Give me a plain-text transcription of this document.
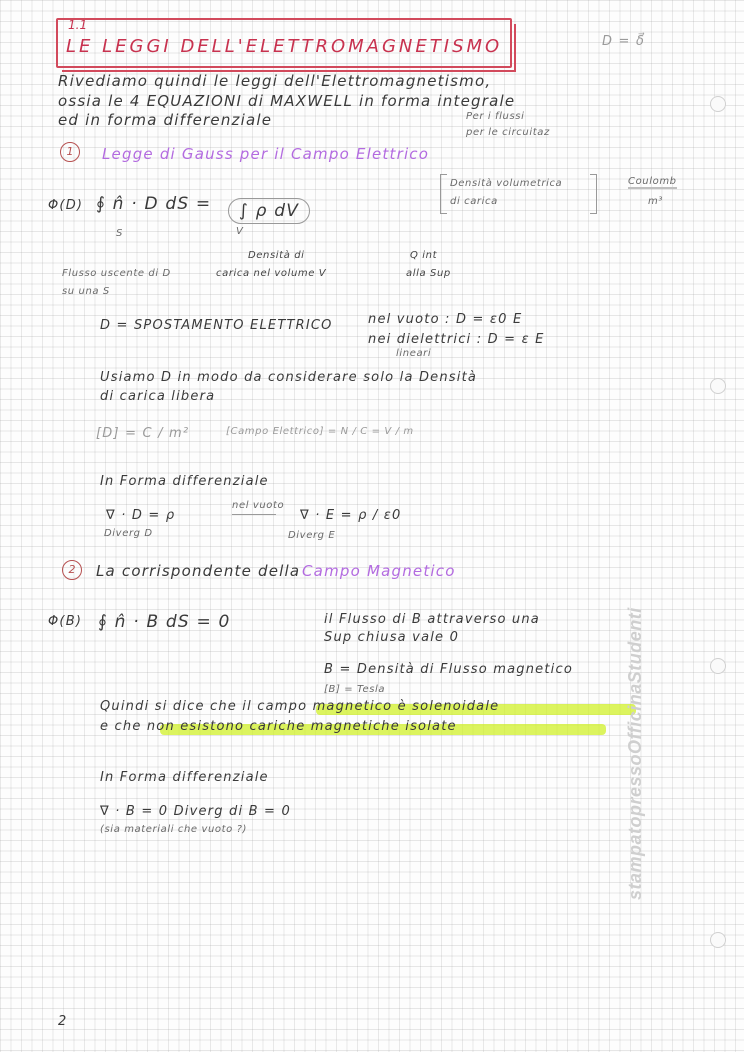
1.1
LE LEGGI DELL'ELETTROMAGNETISMO	D = δ⃗
Rivediamo quindi le leggi dell'Elettromagnetismo,
ossia le 4 EQUAZIONI di MAXWELL in forma integrale
ed in forma differenziale	Per i flussi
per le circuitaz
1	Legge di Gauss per il Campo Elettrico
Φ(D) ∮ n̂ · D dS =
S
∫ ρ dV
V
Densità volumetrica
di carica
Coulomb
m³
Flusso uscente di D
su una S
Densità di
carica nel volume V
Q int
alla Sup
D = SPOSTAMENTO ELETTRICO	nel vuoto : D = ε0 E
nei dielettrici : D = ε E
lineari
Usiamo D in modo da considerare solo la Densità
di carica libera
[D] = C / m²	[Campo Elettrico] = N / C = V / m
In Forma differenziale
∇ · D = ρ
nel vuoto
∇ · E = ρ / ε0
Diverg D	Diverg E
2	La corrispondente della Campo Magnetico
Φ(B) ∮ n̂ · B dS = 0	il Flusso di B attraverso una
Sup chiusa vale 0
B = Densità di Flusso magnetico
[B] = Tesla
Quindi si dice che il campo magnetico è solenoidale
e che non esistono cariche magnetiche isolate
In Forma differenziale
∇ · B = 0 Diverg di B = 0
(sia materiali che vuoto ?)
2
stampatopressoOfficinaStudenti
